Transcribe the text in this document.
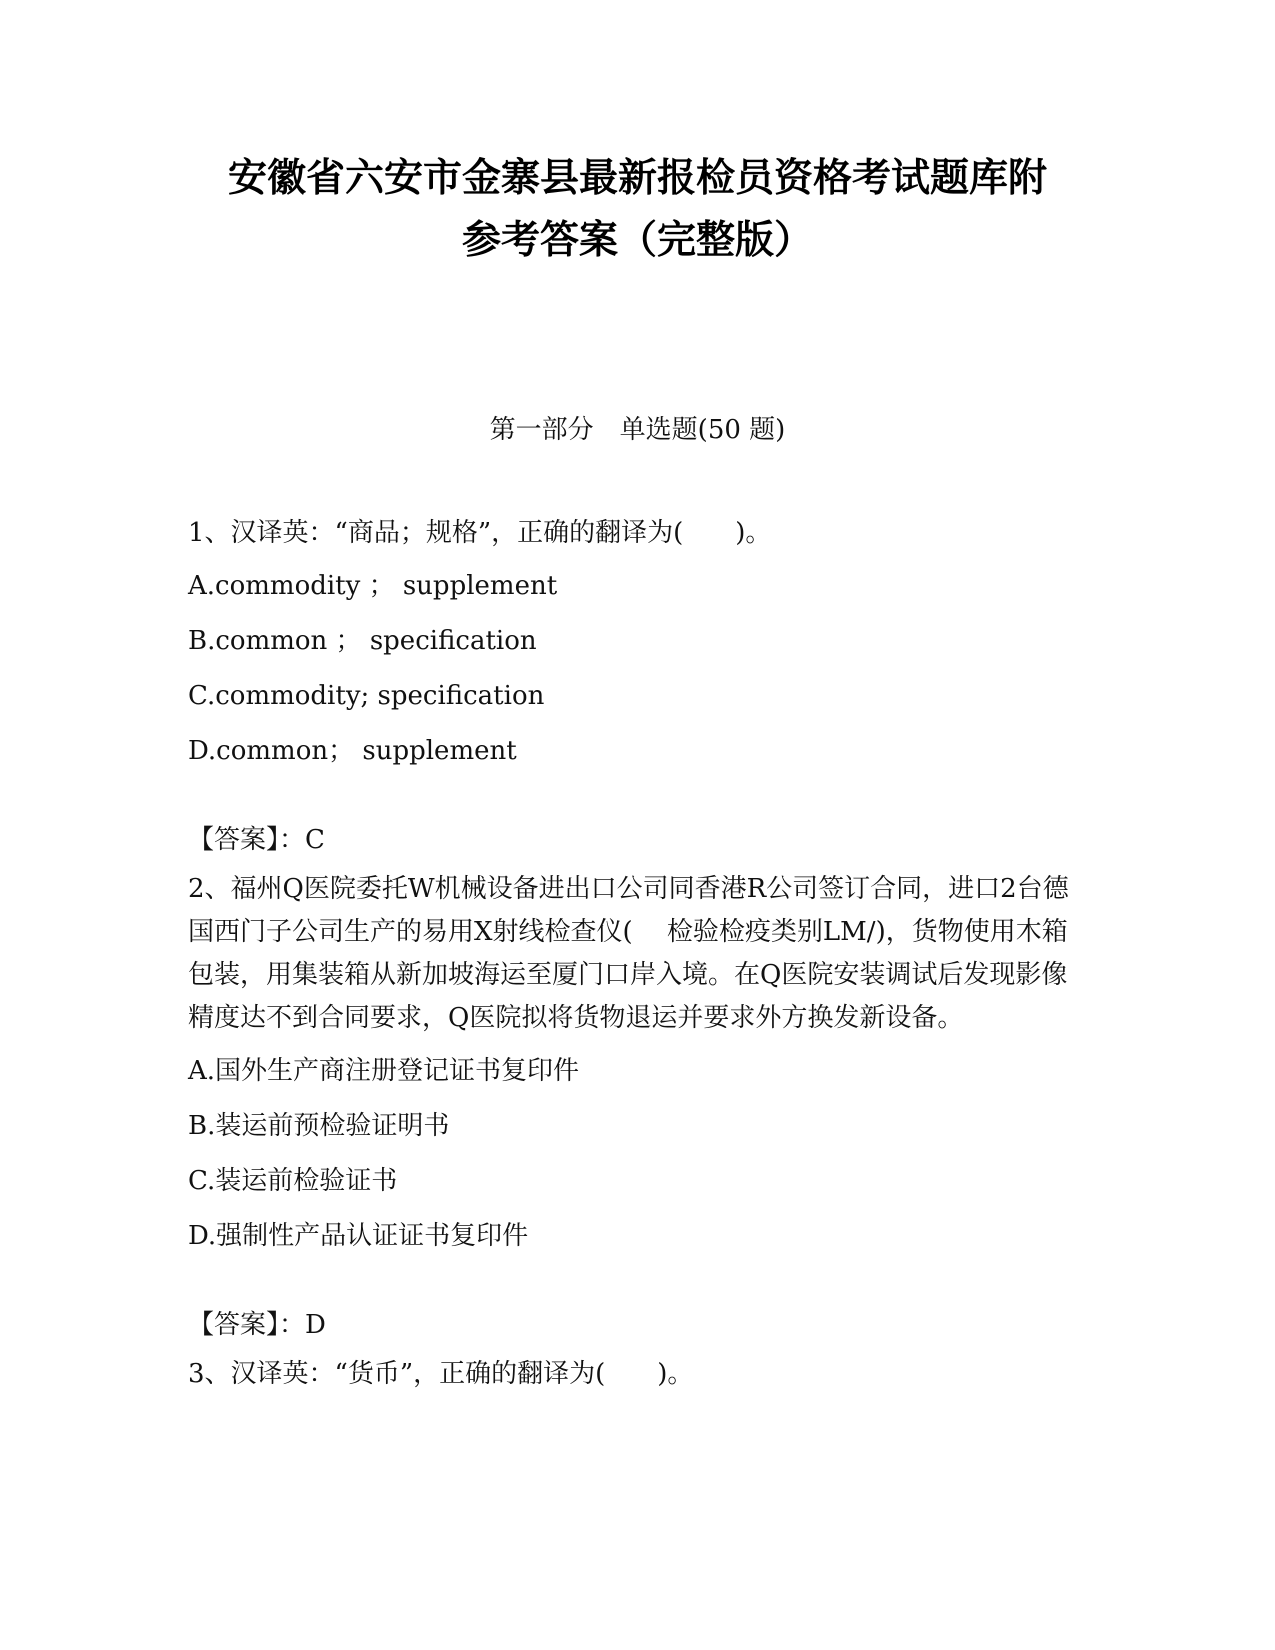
安徽省六安市金寨县最新报检员资格考试题库附
参考答案（完整版）
第一部分　单选题(50 题)

1、汉译英：“商品；规格”，正确的翻译为(　　)。

A.commodity ； supplement

B.common ； specification

C.commodity; specification

D.common； supplement

【答案】：C

2、福州Q医院委托W机械设备进出口公司同香港R公司签订合同，进口2台德国西门子公司生产的易用X射线检查仪(　 检验检疫类别LM/)，货物使用木箱包装，用集装箱从新加坡海运至厦门口岸入境。在Q医院安装调试后发现影像精度达不到合同要求，Q医院拟将货物退运并要求外方换发新设备。

A.国外生产商注册登记证书复印件

B.装运前预检验证明书

C.装运前检验证书

D.强制性产品认证证书复印件

【答案】：D

3、汉译英：“货币”，正确的翻译为(　　)。
